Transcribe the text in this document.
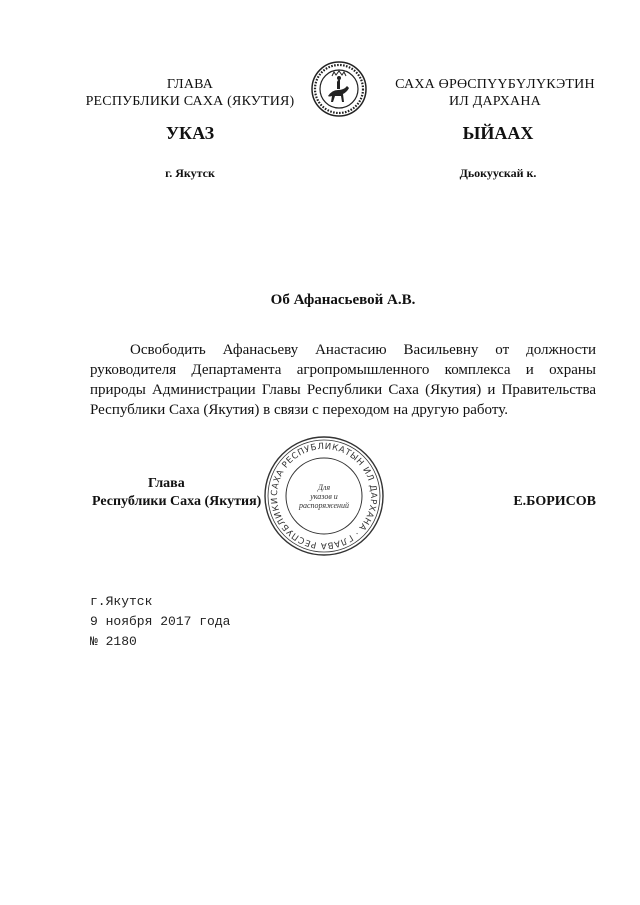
ГЛАВА
РЕСПУБЛИКИ САХА (ЯКУТИЯ)
САХА ӨРӨСПҮҮБҮЛҮКЭТИН
ИЛ ДАРХАНА
УКАЗ	ЫЙААХ
г. Якутск	Дьокуускай к.
Об Афанасьевой А.В.
Освободить Афанасьеву Анастасию Васильевну от должности руководителя Департамента агропромышленного комплекса и охраны природы Администрации Главы Республики Саха (Якутия) и Правительства Республики Саха (Якутия) в связи с переходом на другую работу.
Глава
Республики Саха (Якутия)	Е.БОРИСОВ
САХА РЕСПУБЛИКАТЫН ИЛ ДАРХАНА · ГЛАВА РЕСПУБЛИКИ
Для
указов и
распоряжений
г.Якутск
9 ноября 2017 года
№ 2180
